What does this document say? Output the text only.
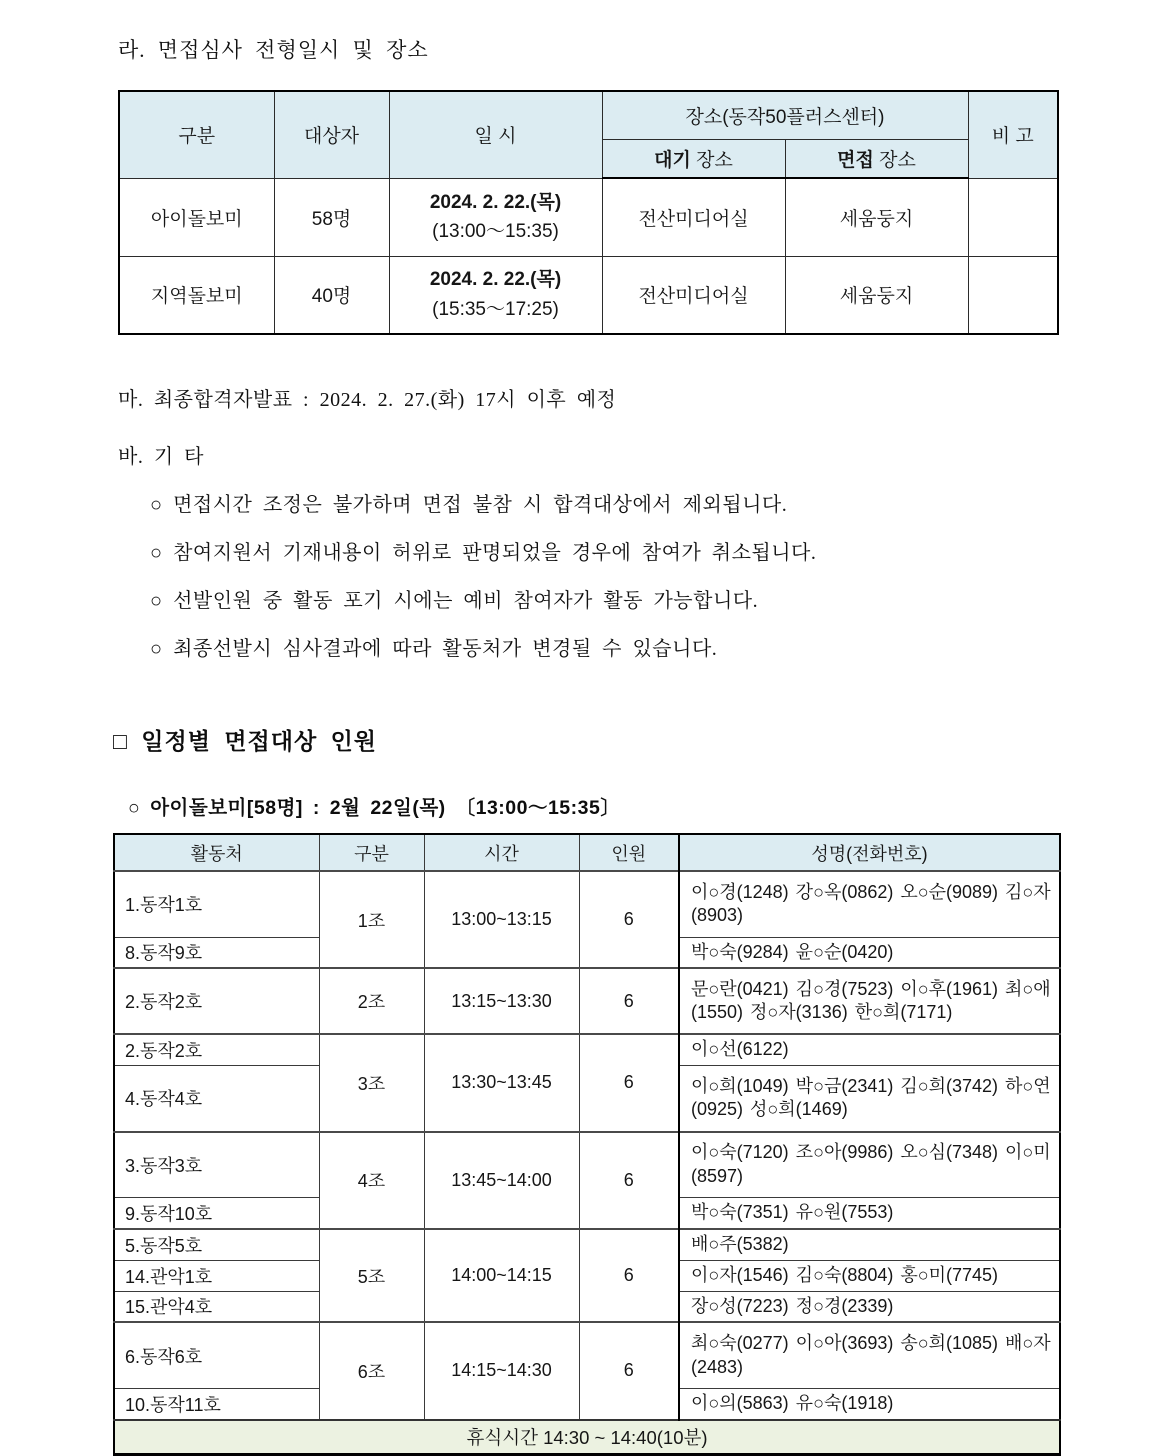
라. 면접심사 전형일시 및 장소

구분	대상자	일 시	장소(동작50플러스센터)		비 고
			대기 장소	면접 장소	
아이돌보미	58명	2024. 2. 22.(목)
(13:00〜15:35)	전산미디어실	세움둥지	
지역돌보미	40명	2024. 2. 22.(목)
(15:35〜17:25)	전산미디어실	세움둥지	

마. 최종합격자발표 : 2024. 2. 27.(화) 17시 이후 예정

바. 기 타

○ 면접시간 조정은 불가하며 면접 불참 시 합격대상에서 제외됩니다.

○ 참여지원서 기재내용이 허위로 판명되었을 경우에 참여가 취소됩니다.

○ 선발인원 중 활동 포기 시에는 예비 참여자가 활동 가능합니다.

○ 최종선발시 심사결과에 따라 활동처가 변경될 수 있습니다.

□ 일정별 면접대상 인원

○ 아이돌보미[58명] : 2월 22일(목) 〔13:00〜15:35〕

활동처	구분	시간	인원	성명(전화번호)
1.동작1호	1조	13:00~13:15	6	이○경(1248) 강○옥(0862) 오○순(9089) 김○자(8903)
8.동작9호				박○숙(9284) 윤○순(0420)
2.동작2호	2조	13:15~13:30	6	문○란(0421) 김○경(7523) 이○후(1961) 최○애(1550) 정○자(3136) 한○희(7171)
2.동작2호	3조	13:30~13:45	6	이○선(6122)
4.동작4호				이○희(1049) 박○금(2341) 김○희(3742) 하○연(0925) 성○희(1469)
3.동작3호	4조	13:45~14:00	6	이○숙(7120) 조○아(9986) 오○심(7348) 이○미(8597)
9.동작10호				박○숙(7351) 유○원(7553)
5.동작5호	5조	14:00~14:15	6	배○주(5382)
14.관악1호				이○자(1546) 김○숙(8804) 홍○미(7745)
15.관악4호				장○성(7223) 정○경(2339)
6.동작6호	6조	14:15~14:30	6	최○숙(0277) 이○아(3693) 송○희(1085) 배○자(2483)
10.동작11호				이○의(5863) 유○숙(1918)
휴식시간 14:30 ~ 14:40(10분)				
